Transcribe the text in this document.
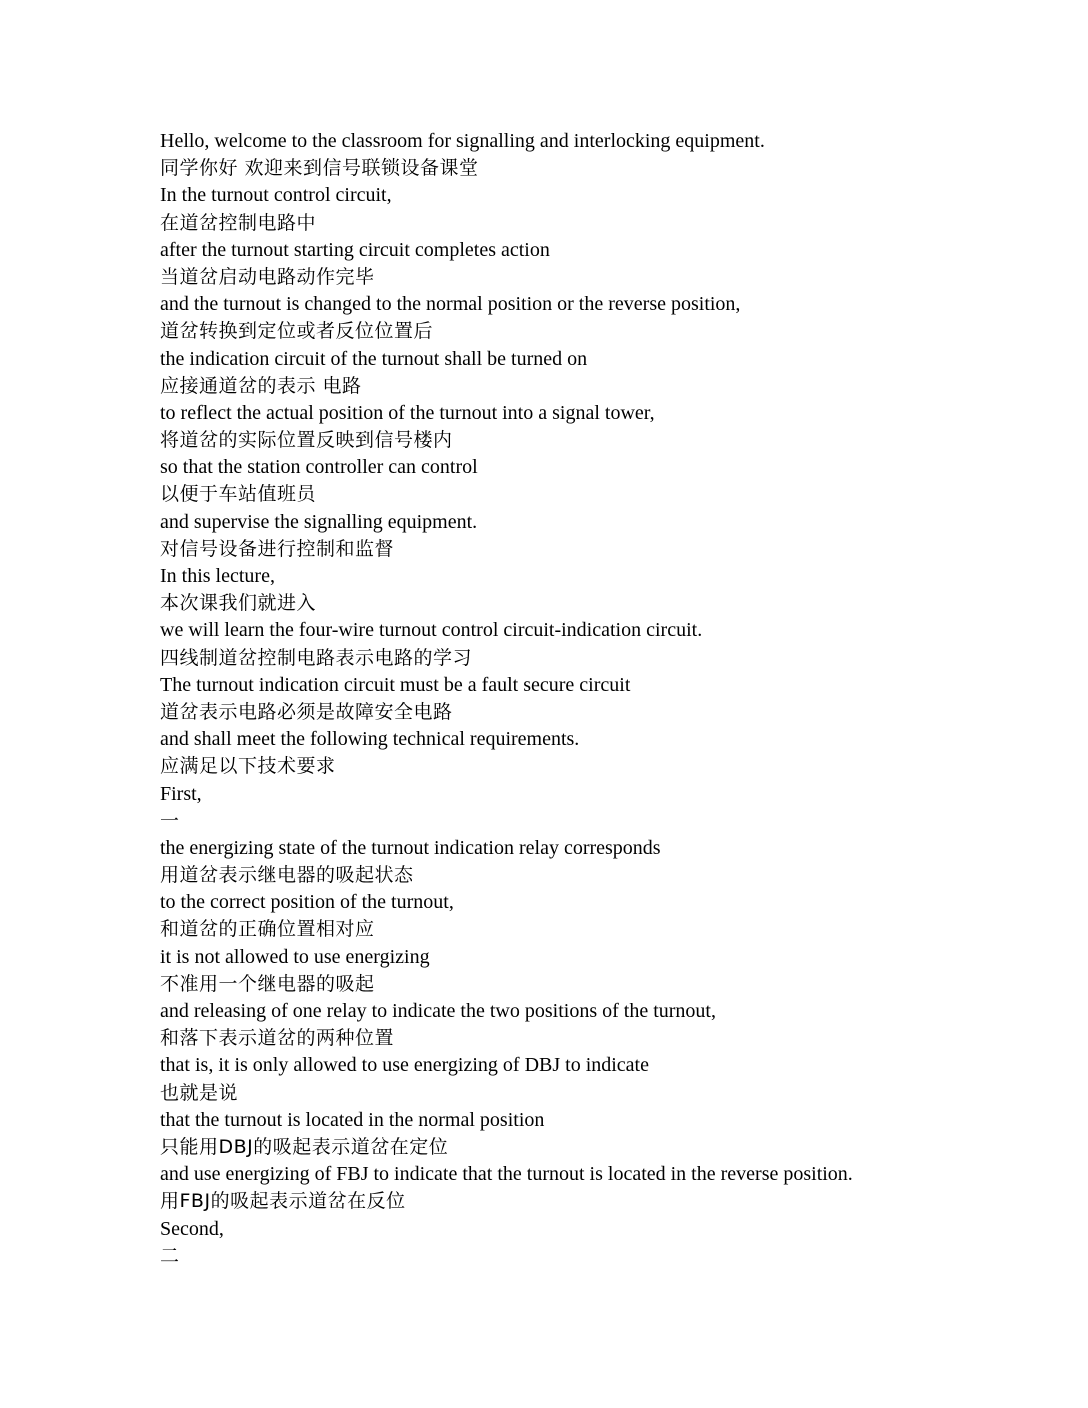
Hello, welcome to the classroom for signalling and interlocking equipment.
同学你好 欢迎来到信号联锁设备课堂
In the turnout control circuit,
在道岔控制电路中
after the turnout starting circuit completes action
当道岔启动电路动作完毕
and the turnout is changed to the normal position or the reverse position,
道岔转换到定位或者反位位置后
the indication circuit of the turnout shall be turned on
应接通道岔的表示 电路
to reflect the actual position of the turnout into a signal tower,
将道岔的实际位置反映到信号楼内
so that the station controller can control
以便于车站值班员
and supervise the signalling equipment.
对信号设备进行控制和监督
In this lecture,
本次课我们就进入
we will learn the four-wire turnout control circuit-indication circuit.
四线制道岔控制电路表示电路的学习
The turnout indication circuit must be a fault secure circuit
道岔表示电路必须是故障安全电路
and shall meet the following technical requirements.
应满足以下技术要求
First,
一
the energizing state of the turnout indication relay corresponds
用道岔表示继电器的吸起状态
to the correct position of the turnout,
和道岔的正确位置相对应
it is not allowed to use energizing
不准用一个继电器的吸起
and releasing of one relay to indicate the two positions of the turnout,
和落下表示道岔的两种位置
that is, it is only allowed to use energizing of DBJ to indicate
也就是说
that the turnout is located in the normal position
只能用DBJ的吸起表示道岔在定位
and use energizing of FBJ to indicate that the turnout is located in the reverse position.
用FBJ的吸起表示道岔在反位
Second,
二
